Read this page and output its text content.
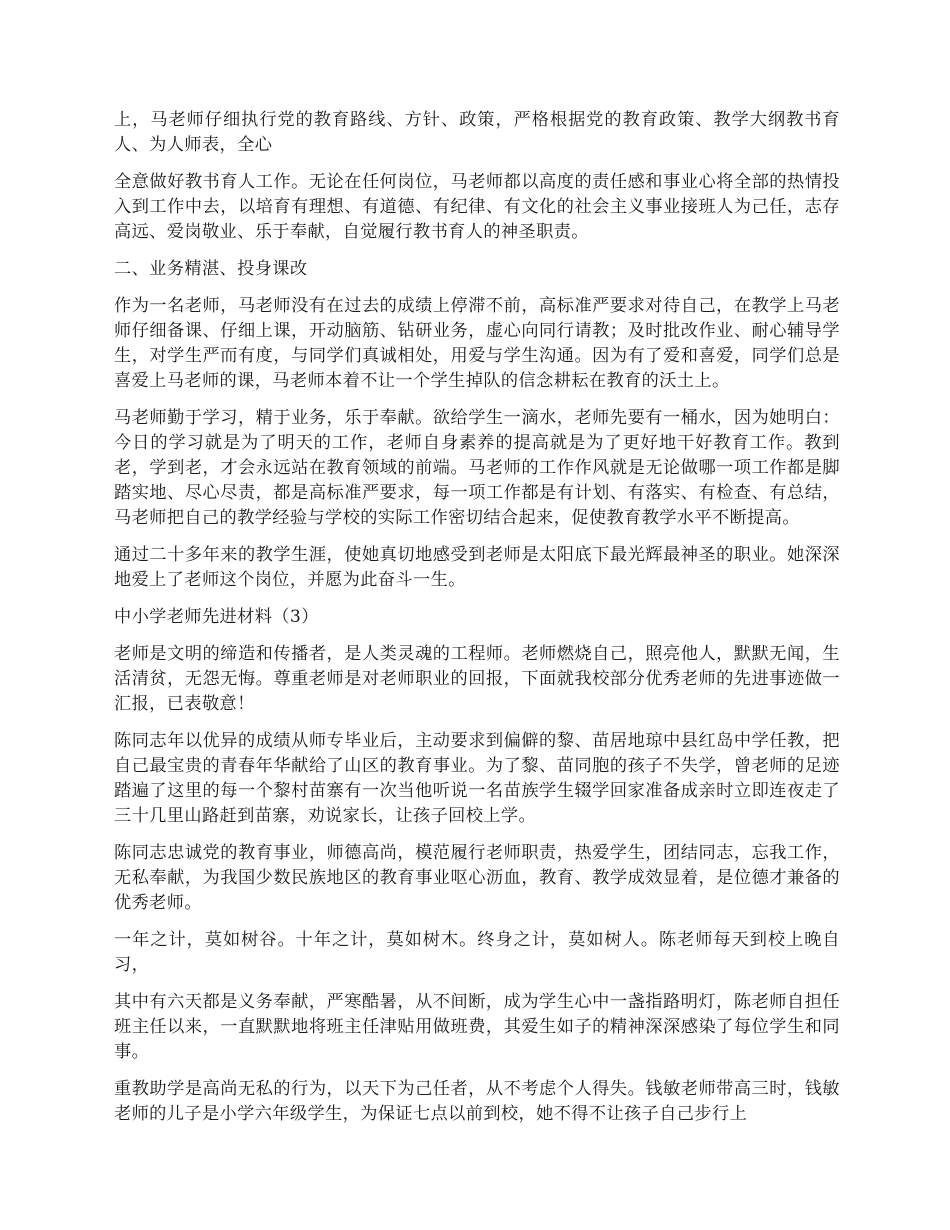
上，马老师仔细执行党的教育路线、方针、政策，严格根据党的教育政策、教学大纲教书育人、为人师表，全心

全意做好教书育人工作。无论在任何岗位，马老师都以高度的责任感和事业心将全部的热情投入到工作中去，以培育有理想、有道德、有纪律、有文化的社会主义事业接班人为己任，志存高远、爱岗敬业、乐于奉献，自觉履行教书育人的神圣职责。

二、业务精湛、投身课改

作为一名老师，马老师没有在过去的成绩上停滞不前，高标准严要求对待自己，在教学上马老师仔细备课、仔细上课，开动脑筋、钻研业务，虚心向同行请教；及时批改作业、耐心辅导学生，对学生严而有度，与同学们真诚相处，用爱与学生沟通。因为有了爱和喜爱，同学们总是喜爱上马老师的课，马老师本着不让一个学生掉队的信念耕耘在教育的沃土上。

马老师勤于学习，精于业务，乐于奉献。欲给学生一滴水，老师先要有一桶水，因为她明白：今日的学习就是为了明天的工作，老师自身素养的提高就是为了更好地干好教育工作。教到老，学到老，才会永远站在教育领域的前端。马老师的工作作风就是无论做哪一项工作都是脚踏实地、尽心尽责，都是高标准严要求，每一项工作都是有计划、有落实、有检查、有总结，马老师把自己的教学经验与学校的实际工作密切结合起来，促使教育教学水平不断提高。

通过二十多年来的教学生涯，使她真切地感受到老师是太阳底下最光辉最神圣的职业。她深深地爱上了老师这个岗位，并愿为此奋斗一生。

中小学老师先进材料（3）

老师是文明的缔造和传播者，是人类灵魂的工程师。老师燃烧自己，照亮他人，默默无闻，生活清贫，无怨无悔。尊重老师是对老师职业的回报，下面就我校部分优秀老师的先进事迹做一汇报，已表敬意！

陈同志年以优异的成绩从师专毕业后，主动要求到偏僻的黎、苗居地琼中县红岛中学任教，把自己最宝贵的青春年华献给了山区的教育事业。为了黎、苗同胞的孩子不失学，曾老师的足迹踏遍了这里的每一个黎村苗寨有一次当他听说一名苗族学生辍学回家准备成亲时立即连夜走了三十几里山路赶到苗寨，劝说家长，让孩子回校上学。

陈同志忠诚党的教育事业，师德高尚，模范履行老师职责，热爱学生，团结同志，忘我工作，无私奉献，为我国少数民族地区的教育事业呕心沥血，教育、教学成效显着，是位德才兼备的优秀老师。

一年之计，莫如树谷。十年之计，莫如树木。终身之计，莫如树人。陈老师每天到校上晚自习，

其中有六天都是义务奉献，严寒酷暑，从不间断，成为学生心中一盏指路明灯，陈老师自担任班主任以来，一直默默地将班主任津贴用做班费，其爱生如子的精神深深感染了每位学生和同事。

重教助学是高尚无私的行为，以天下为己任者，从不考虑个人得失。钱敏老师带高三时，钱敏老师的儿子是小学六年级学生，为保证七点以前到校，她不得不让孩子自己步行上
